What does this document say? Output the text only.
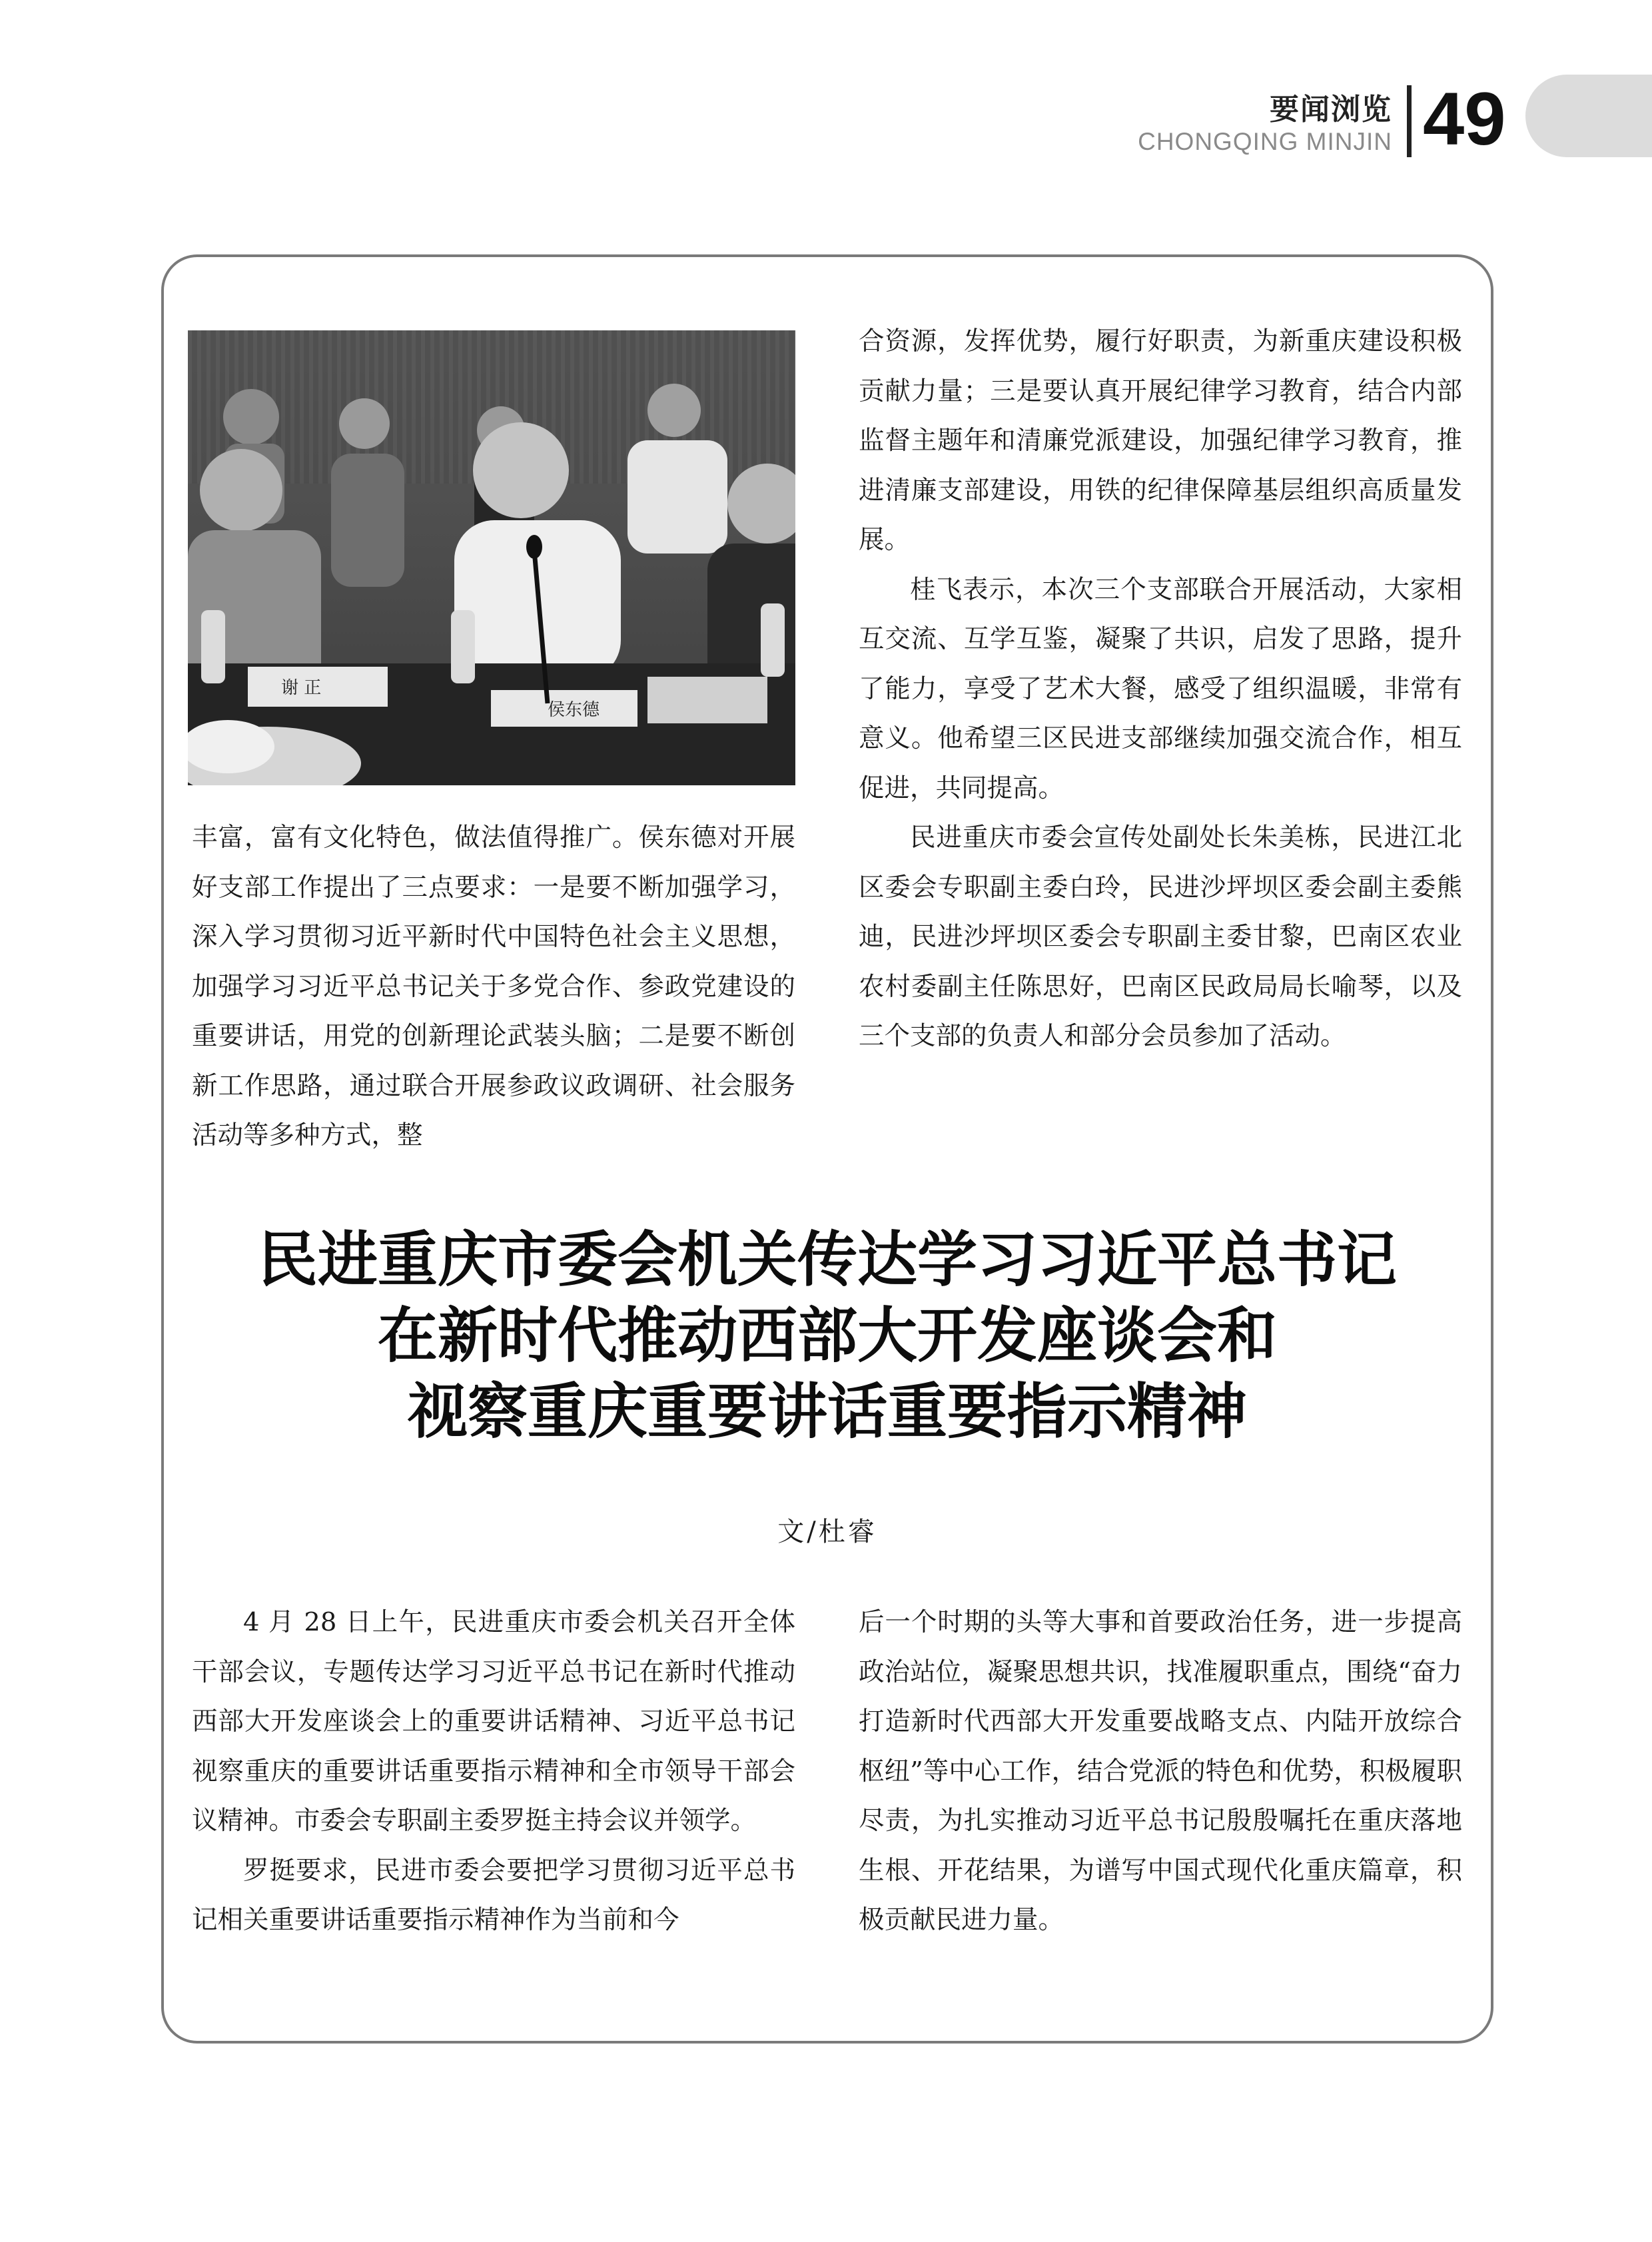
要闻浏览
CHONGQING MINJIN 49
侯东德
谢 正

丰富，富有文化特色，做法值得推广。侯东德对开展好支部工作提出了三点要求：一是要不断加强学习，深入学习贯彻习近平新时代中国特色社会主义思想，加强学习习近平总书记关于多党合作、参政党建设的重要讲话，用党的创新理论武装头脑；二是要不断创新工作思路，通过联合开展参政议政调研、社会服务活动等多种方式，整

合资源，发挥优势，履行好职责，为新重庆建设积极贡献力量；三是要认真开展纪律学习教育，结合内部监督主题年和清廉党派建设，加强纪律学习教育，推进清廉支部建设，用铁的纪律保障基层组织高质量发展。

桂飞表示，本次三个支部联合开展活动，大家相互交流、互学互鉴，凝聚了共识，启发了思路，提升了能力，享受了艺术大餐，感受了组织温暖，非常有意义。他希望三区民进支部继续加强交流合作，相互促进，共同提高。

民进重庆市委会宣传处副处长朱美栋，民进江北区委会专职副主委白玲，民进沙坪坝区委会副主委熊迪，民进沙坪坝区委会专职副主委甘黎，巴南区农业农村委副主任陈思好，巴南区民政局局长喻琴，以及三个支部的负责人和部分会员参加了活动。

民进重庆市委会机关传达学习习近平总书记
在新时代推动西部大开发座谈会和
视察重庆重要讲话重要指示精神
文/杜睿

4 月 28 日上午，民进重庆市委会机关召开全体干部会议，专题传达学习习近平总书记在新时代推动西部大开发座谈会上的重要讲话精神、习近平总书记视察重庆的重要讲话重要指示精神和全市领导干部会议精神。市委会专职副主委罗挺主持会议并领学。

罗挺要求，民进市委会要把学习贯彻习近平总书记相关重要讲话重要指示精神作为当前和今

后一个时期的头等大事和首要政治任务，进一步提高政治站位，凝聚思想共识，找准履职重点，围绕“奋力打造新时代西部大开发重要战略支点、内陆开放综合枢纽”等中心工作，结合党派的特色和优势，积极履职尽责，为扎实推动习近平总书记殷殷嘱托在重庆落地生根、开花结果，为谱写中国式现代化重庆篇章，积极贡献民进力量。
